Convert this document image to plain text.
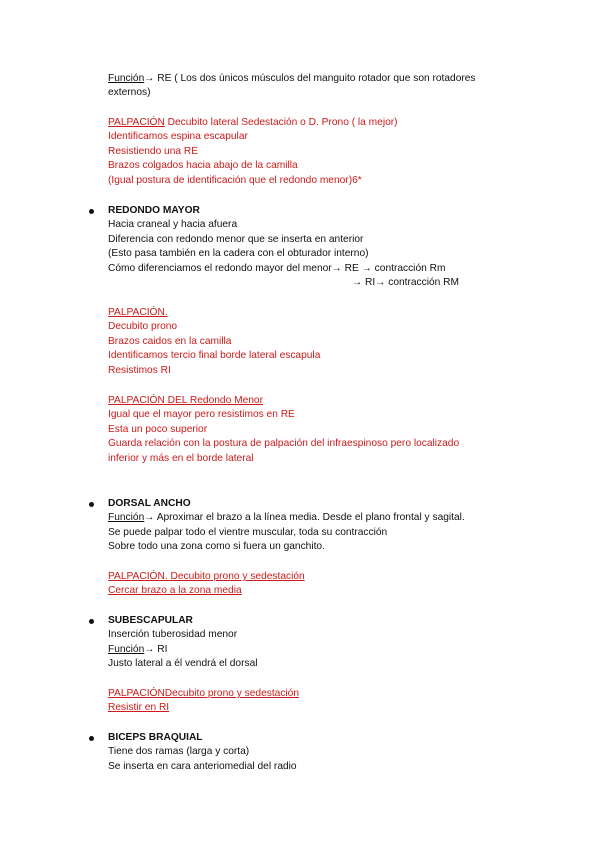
Función→ RE ( Los dos únicos músculos del manguito rotador que son rotadores
externos)
PALPACIÓN Decubito lateral Sedestación o D. Prono ( la mejor)
Identificamos espina escapular
Resistiendo una RE
Brazos colgados hacia abajo de la camilla
(Igual postura de identificación que el redondo menor)6*
REDONDO MAYOR
Hacia craneal y hacia afuera
Diferencia con redondo menor que se inserta en anterior
(Esto pasa también en la cadera con el obturador interno)
Cómo diferenciamos el redondo mayor del menor→ RE → contracción Rm
→ RI→ contracción RM
PALPACIÓN.
Decubito prono
Brazos caidos en la camilla
Identificamos tercio final borde lateral escapula
Resistimos RI
PALPACIÓN DEL Redondo Menor
Igual que el mayor pero resistimos en RE
Esta un poco superior
Guarda relación con la postura de palpación del infraespinoso pero localizado
inferior y más en el borde lateral
DORSAL ANCHO
Función→ Aproximar el brazo a la línea media. Desde el plano frontal y sagital.
Se puede palpar todo el vientre muscular, toda su contracción
Sobre todo una zona como si fuera un ganchito.
PALPACIÓN. Decubito prono y sedestación
Cercar brazo a la zona media
SUBESCAPULAR
Inserción tuberosidad menor
Función→ RI
Justo lateral a él vendrá el dorsal
PALPACIÓNDecubito prono y sedestación
Resistir en RI
BICEPS BRAQUIAL
Tiene dos ramas (larga y corta)
Se inserta en cara anteriomedial del radio
